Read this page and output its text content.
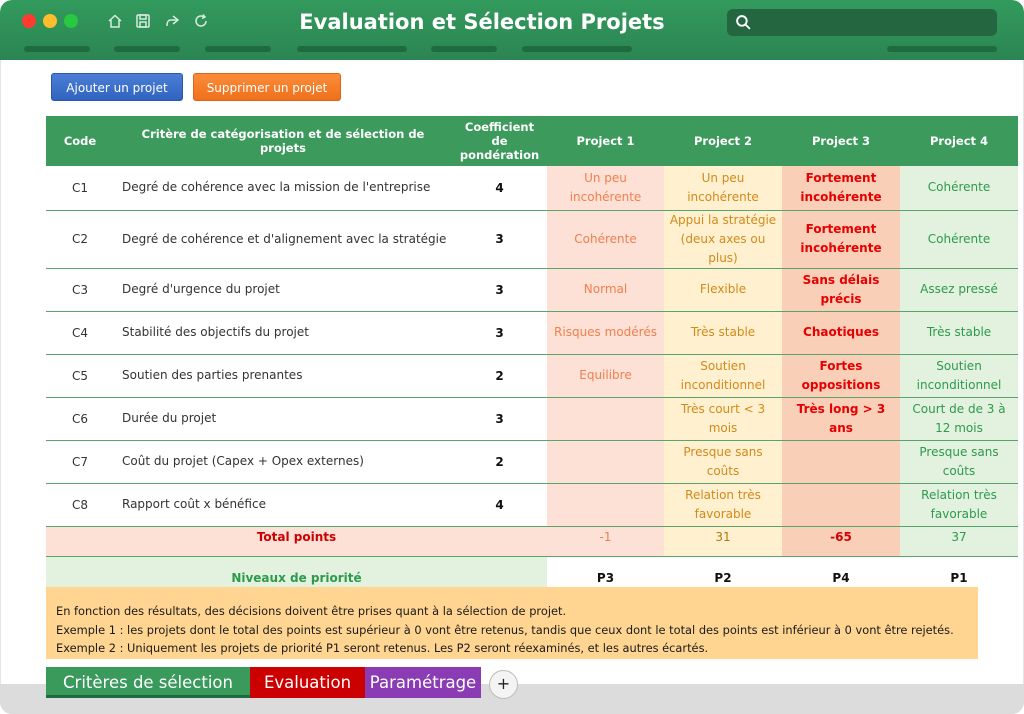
Evaluation et Sélection Projets
Ajouter un projet	Supprimer un projet
Code	Critère de catégorisation et de sélection de projets	Coefficient de pondération	Project 1	Project 2	Project 3	Project 4
C1	Degré de cohérence avec la mission de l'entreprise	4	Un peu incohérente	Un peu incohérente	Fortement incohérente	Cohérente
C2	Degré de cohérence et d'alignement avec la stratégie	3	Cohérente	Appui la stratégie (deux axes ou plus)	Fortement incohérente	Cohérente
C3	Degré d'urgence du projet	3	Normal	Flexible	Sans délais précis	Assez pressé
C4	Stabilité des objectifs du projet	3	Risques modérés	Très stable	Chaotiques	Très stable
C5	Soutien des parties prenantes	2	Equilibre	Soutien inconditionnel	Fortes oppositions	Soutien inconditionnel
C6	Durée du projet	3		Très court < 3 mois	Très long > 3 ans	Court de de 3 à 12 mois
C7	Coût du projet (Capex + Opex externes)	2		Presque sans coûts		Presque sans coûts
C8	Rapport coût x bénéfice	4		Relation très favorable		Relation très favorable
Total points			-1	31	-65	37
Niveaux de priorité			P3	P2	P4	P1
En fonction des résultats, des décisions doivent être prises quant à la sélection de projet.
Exemple 1 : les projets dont le total des points est supérieur à 0 vont être retenus, tandis que ceux dont le total des points est inférieur à 0 vont être rejetés.
Exemple 2 : Uniquement les projets de priorité P1 seront retenus. Les P2 seront réexaminés, et les autres écartés.
Critères de sélection	Evaluation	Paramétrage	+
